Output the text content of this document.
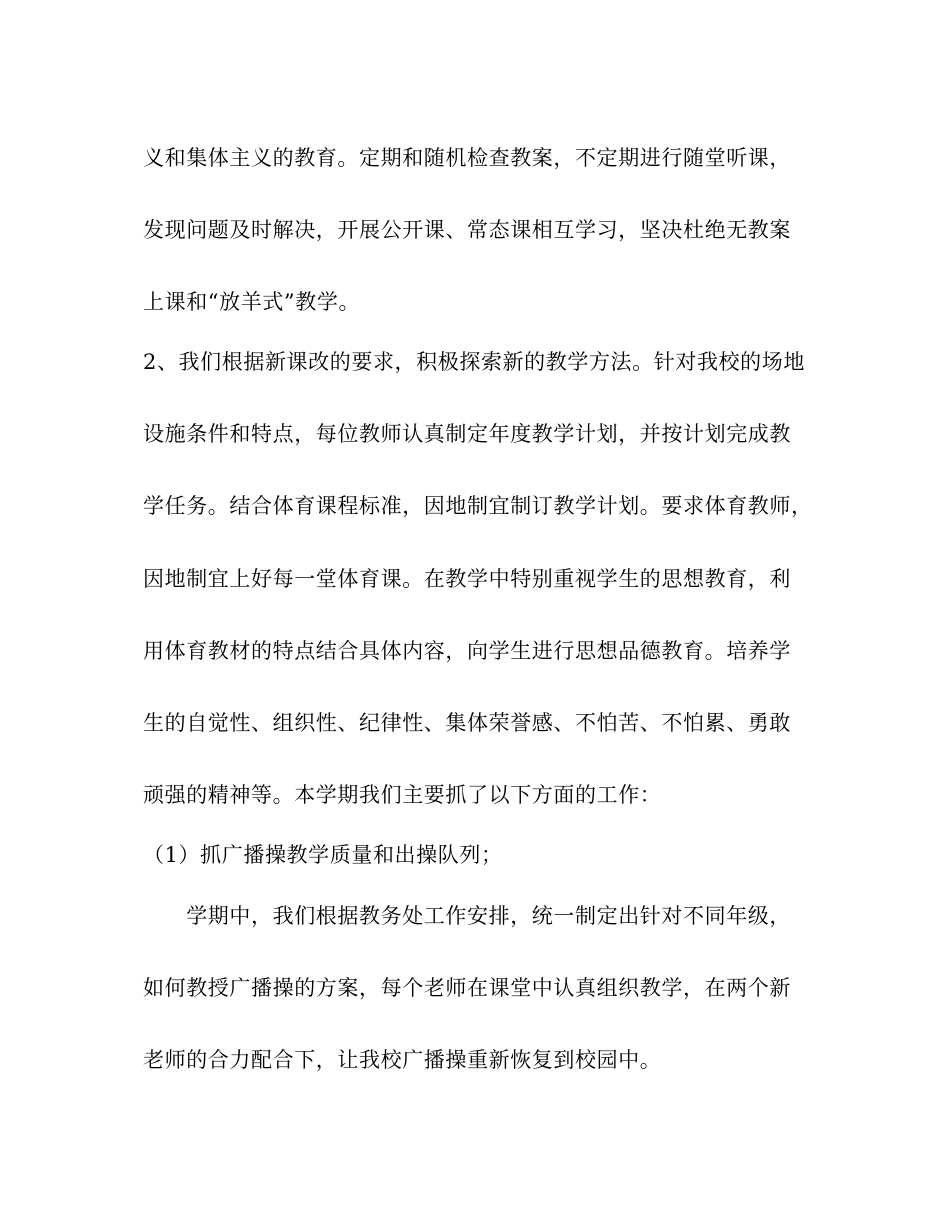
义和集体主义的教育。定期和随机检查教案，不定期进行随堂听课，
发现问题及时解决，开展公开课、常态课相互学习，坚决杜绝无教案
上课和“放羊式”教学。
2、我们根据新课改的要求，积极探索新的教学方法。针对我校的场地
设施条件和特点，每位教师认真制定年度教学计划，并按计划完成教
学任务。结合体育课程标准，因地制宜制订教学计划。要求体育教师，
因地制宜上好每一堂体育课。在教学中特别重视学生的思想教育，利
用体育教材的特点结合具体内容，向学生进行思想品德教育。培养学
生的自觉性、组织性、纪律性、集体荣誉感、不怕苦、不怕累、勇敢
顽强的精神等。本学期我们主要抓了以下方面的工作：
（1）抓广播操教学质量和出操队列；
　　学期中，我们根据教务处工作安排，统一制定出针对不同年级，
如何教授广播操的方案，每个老师在课堂中认真组织教学，在两个新
老师的合力配合下，让我校广播操重新恢复到校园中。
